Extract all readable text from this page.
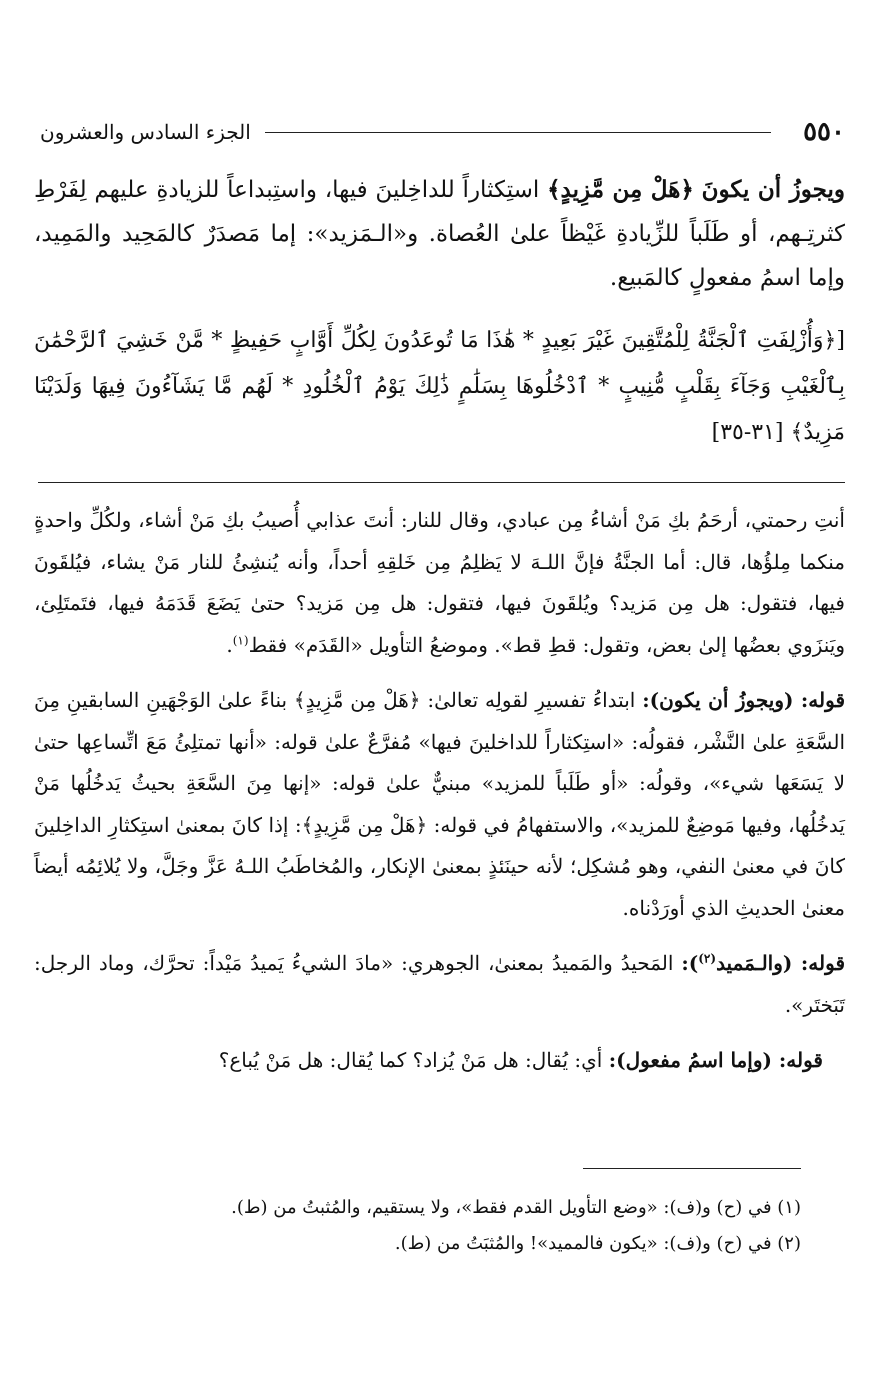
٥٥٠
الجزء السادس والعشرون

ويجوزُ أن يكونَ ﴿هَلْ مِن مَّزِيدٍ﴾ استِكثاراً للداخِلينَ فيها، واستِبداعاً للزيادةِ عليهم لِفَرْطِ كثرتِـهم، أو طَلَباً للزِّيادةِ غَيْظاً علىٰ العُصاة. و«الـمَزيد»: إما مَصدَرٌ كالمَحِيد والمَمِيد، وإما اسمُ مفعولٍ كالمَبيع.

[﴿وَأُزْلِفَتِ ٱلْجَنَّةُ لِلْمُتَّقِينَ غَيْرَ بَعِيدٍ * هَٰذَا مَا تُوعَدُونَ لِكُلِّ أَوَّابٍ حَفِيظٍ * مَّنْ خَشِيَ ٱلرَّحْمَٰنَ بِٱلْغَيْبِ وَجَآءَ بِقَلْبٍ مُّنِيبٍ * ٱدْخُلُوهَا بِسَلَٰمٍ ذَٰلِكَ يَوْمُ ٱلْخُلُودِ * لَهُم مَّا يَشَآءُونَ فِيهَا وَلَدَيْنَا مَزِيدٌ﴾ [٣١-٣٥]

أنتِ رحمتي، أرحَمُ بكِ مَنْ أشاءُ مِن عبادي، وقال للنار: أنتَ عذابي أُصيبُ بكِ مَنْ أشاء، ولكُلِّ واحدةٍ منكما مِلؤُها، قال: أما الجنَّةُ فإنَّ اللـهَ لا يَظلِمُ مِن خَلقِهِ أحداً، وأنه يُنشِئُ للنار مَنْ يشاء، فيُلقَونَ فيها، فتقول: هل مِن مَزيد؟ ويُلقَونَ فيها، فتقول: هل مِن مَزيد؟ حتىٰ يَضَعَ قَدَمَهُ فيها، فتَمتَلِئ، ويَنزَوي بعضُها إلىٰ بعض، وتقول: قطِ قط». وموضعُ التأويل «القَدَم» فقط$^{(١)}$.

قوله: (ويجوزُ أن يكون): ابتداءُ تفسيرِ لقولِه تعالىٰ: ﴿هَلْ مِن مَّزِيدٍ﴾ بناءً علىٰ الوَجْهَينِ السابقينِ مِنَ السَّعَةِ علىٰ النَّشْر، فقولُه: «استِكثاراً للداخلينَ فيها» مُفرَّعٌ علىٰ قوله: «أنها تمتلِئُ مَعَ اتِّساعِها حتىٰ لا يَسَعَها شيء»، وقولُه: «أو طَلَباً للمزيد» مبنيٌّ علىٰ قوله: «إنها مِنَ السَّعَةِ بحيثُ يَدخُلُها مَنْ يَدخُلُها، وفيها مَوضِعٌ للمزيد»، والاستفهامُ في قوله: ﴿هَلْ مِن مَّزِيدٍ﴾: إذا كانَ بمعنىٰ استِكثارِ الداخِلينَ كانَ في معنىٰ النفي، وهو مُشكِل؛ لأنه حينَئذٍ بمعنىٰ الإنكار، والمُخاطَبُ اللـهُ عَزَّ وجَلَّ، ولا يُلائِمُه أيضاً معنىٰ الحديثِ الذي أورَدْناه.

قوله: (والـمَميد$^{(٢)}$): المَحيدُ والمَميدُ بمعنىٰ، الجوهري: «مادَ الشيءُ يَميدُ مَيْداً: تحرَّك، وماد الرجل: تَبَختَر».

قوله: (وإما اسمُ مفعول): أي: يُقال: هل مَنْ يُزاد؟ كما يُقال: هل مَنْ يُباع؟

(١) في (ح) و(ف): «وضع التأويل القدم فقط»، ولا يستقيم، والمُثبتُ من (ط).

(٢) في (ح) و(ف): «يكون فالمميد»! والمُثبَتُ من (ط).
